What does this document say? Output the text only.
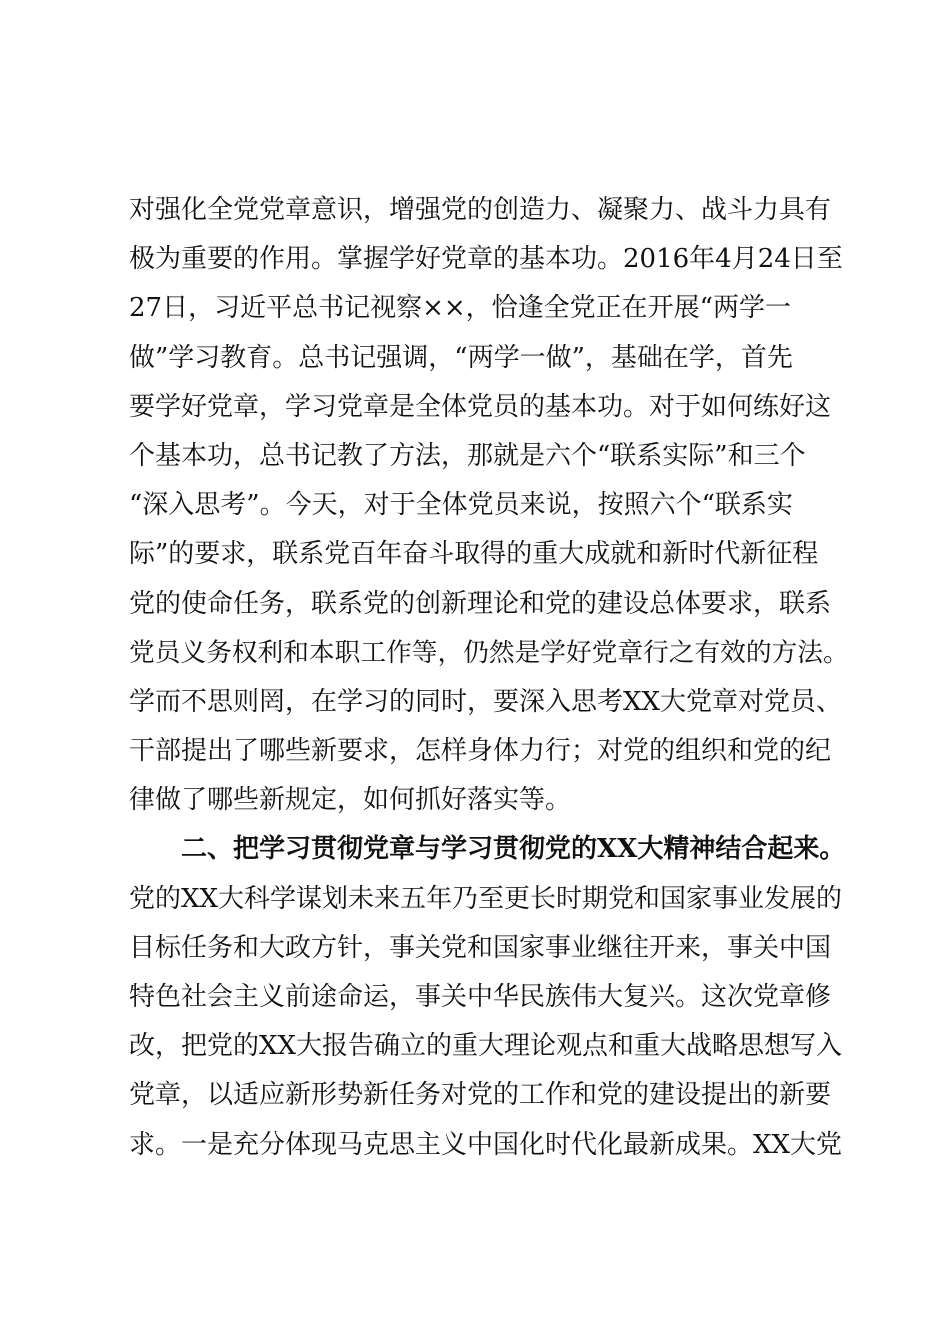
对强化全党党章意识，增强党的创造力、凝聚力、战斗力具有
极为重要的作用。掌握学好党章的基本功。2016年4月24日至
27日，习近平总书记视察××，恰逢全党正在开展“两学一
做”学习教育。总书记强调，“两学一做”，基础在学，首先
要学好党章，学习党章是全体党员的基本功。对于如何练好这
个基本功，总书记教了方法，那就是六个“联系实际”和三个
“深入思考”。今天，对于全体党员来说，按照六个“联系实
际”的要求，联系党百年奋斗取得的重大成就和新时代新征程
党的使命任务，联系党的创新理论和党的建设总体要求，联系
党员义务权利和本职工作等，仍然是学好党章行之有效的方法。
学而不思则罔，在学习的同时，要深入思考XX大党章对党员、
干部提出了哪些新要求，怎样身体力行；对党的组织和党的纪
律做了哪些新规定，如何抓好落实等。
二、把学习贯彻党章与学习贯彻党的XX大精神结合起来。
党的XX大科学谋划未来五年乃至更长时期党和国家事业发展的
目标任务和大政方针，事关党和国家事业继往开来，事关中国
特色社会主义前途命运，事关中华民族伟大复兴。这次党章修
改，把党的XX大报告确立的重大理论观点和重大战略思想写入
党章，以适应新形势新任务对党的工作和党的建设提出的新要
求。一是充分体现马克思主义中国化时代化最新成果。XX大党
